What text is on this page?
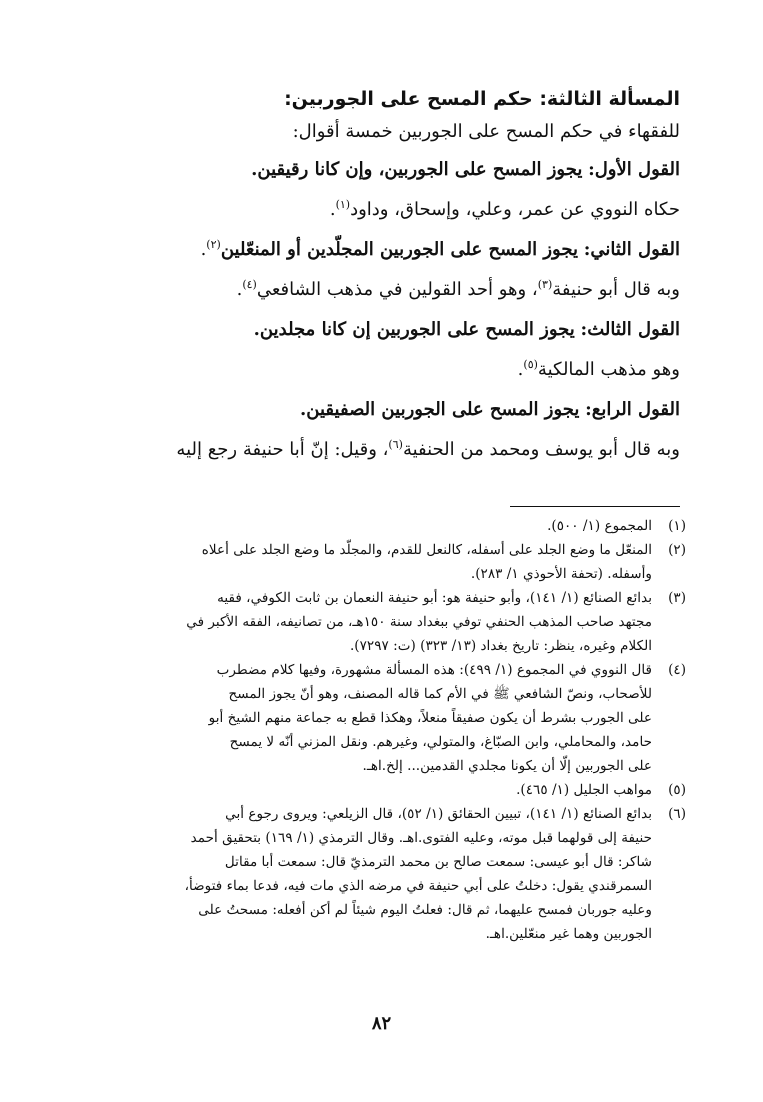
المسألة الثالثة: حكم المسح على الجوربين:
للفقهاء في حكم المسح على الجوربين خمسة أقوال:
القول الأول: يجوز المسح على الجوربين، وإن كانا رقيقين.
حكاه النووي عن عمر، وعلي، وإسحاق، وداود$^{(١)}$.
القول الثاني: يجوز المسح على الجوربين المجلّدين أو المنعّلين$^{(٢)}$.
وبه قال أبو حنيفة$^{(٣)}$، وهو أحد القولين في مذهب الشافعي$^{(٤)}$.
القول الثالث: يجوز المسح على الجوربين إن كانا مجلدين.
وهو مذهب المالكية$^{(٥)}$.
القول الرابع: يجوز المسح على الجوربين الصفيقين.
وبه قال أبو يوسف ومحمد من الحنفية$^{(٦)}$، وقيل: إنّ أبا حنيفة رجع إليه
(١)
المجموع (١/ ٥٠٠).
(٢)
المنعّل ما وضع الجلد على أسفله، كالنعل للقدم، والمجلّد ما وضع الجلد على أعلاه
وأسفله. (تحفة الأحوذي ١/ ٢٨٣).
(٣)
بدائع الصنائع (١/ ١٤١)، وأبو حنيفة هو: أبو حنيفة النعمان بن ثابت الكوفي، فقيه
مجتهد صاحب المذهب الحنفي توفي ببغداد سنة ١٥٠هـ، من تصانيفه، الفقه الأكبر في
الكلام وغيره، ينظر: تاريخ بغداد (١٣/ ٣٢٣) (ت: ٧٢٩٧).
(٤)
قال النووي في المجموع (١/ ٤٩٩): هذه المسألة مشهورة، وفيها كلام مضطرب
للأصحاب، ونصّ الشافعي ﷺ في الأم كما قاله المصنف، وهو أنّ يجوز المسح
على الجورب بشرط أن يكون صفيقاً منعلاً، وهكذا قطع به جماعة منهم الشيخ أبو
حامد، والمحاملي، وابن الصبّاغ، والمتولي، وغيرهم. ونقل المزني أنّه لا يمسح
على الجوربين إلّا أن يكونا مجلدي القدمين... إلخ.اهـ.
(٥)
مواهب الجليل (١/ ٤٦٥).
(٦)
بدائع الصنائع (١/ ١٤١)، تبيين الحقائق (١/ ٥٢)، قال الزيلعي: ويروى رجوع أبي
حنيفة إلى قولهما قبل موته، وعليه الفتوى.اهـ. وقال الترمذي (١/ ١٦٩) بتحقيق أحمد
شاكر: قال أبو عيسى: سمعت صالح بن محمد الترمذيّ قال: سمعت أبا مقاتل
السمرقندي يقول: دخلتُ على أبي حنيفة في مرضه الذي مات فيه، فدعا بماء فتوضأ،
وعليه جوربان فمسح عليهما، ثم قال: فعلتُ اليوم شيئاً لم أكن أفعله: مسحتُ على
الجوربين وهما غير منعّلين.اهـ.
٨٢
